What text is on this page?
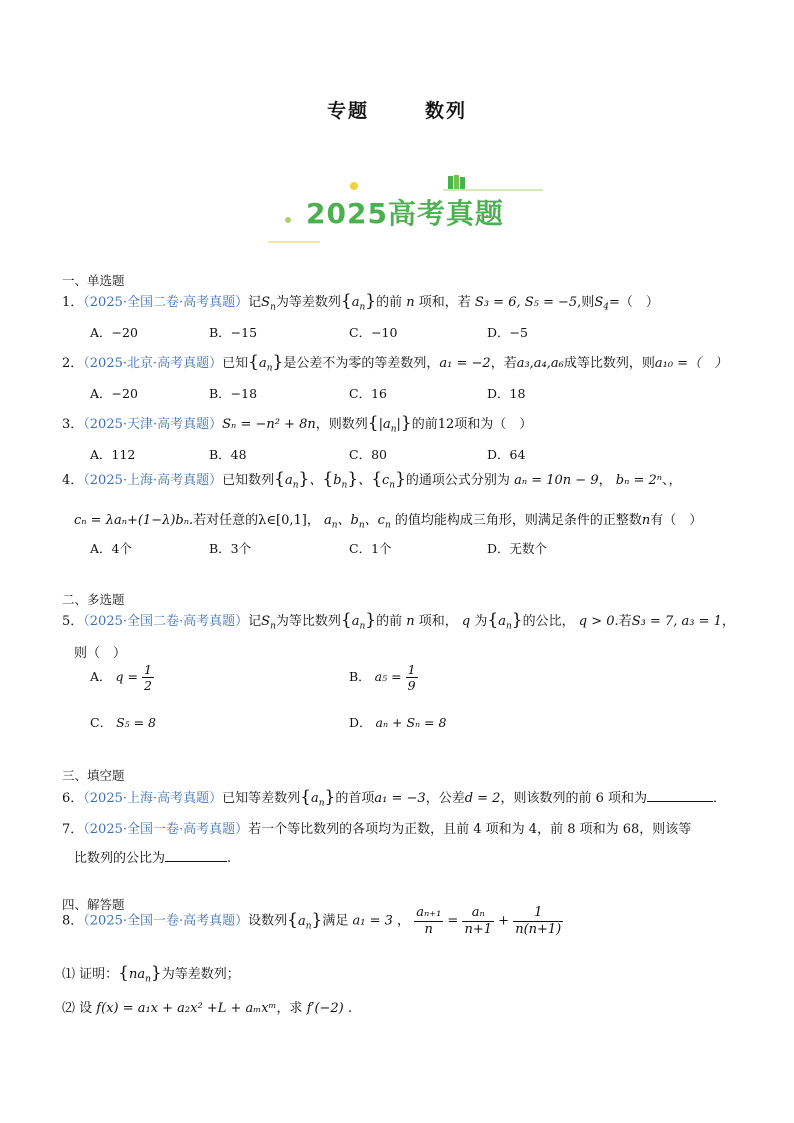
专题	数列
2025高考真题
一、单选题
1．（2025·全国二卷·高考真题）记$S_n$为等差数列$\{a_n\}$的前 n 项和，若 S₃ = 6, S₅ = −5,则$S_4=$（　）
A．−20	B．−15	C．−10	D．−5
2．（2025·北京·高考真题）已知$\{a_n\}$是公差不为零的等差数列，a₁ = −2，若a₃,a₄,a₆成等比数列，则a₁₀ =（　）
A．−20	B．−18	C．16	D．18
3．（2025·天津·高考真题）Sₙ = −n² + 8n，则数列$\{|a_n|\}$的前12项和为（　）
A．112	B．48	C．80	D．64
4．（2025·上海·高考真题）已知数列$\{a_n\}$、$\{b_n\}$、$\{c_n\}$的通项公式分别为 aₙ = 10n − 9， bₙ = 2ⁿ、，
cₙ = λaₙ+(1−λ)bₙ.若对任意的λ∈[0,1]， $a_n$、$b_n$、$c_n$ 的值均能构成三角形，则满足条件的正整数n有（　）
A．4个	B．3个	C．1个	D．无数个
二、多选题
5．（2025·全国二卷·高考真题）记$S_n$为等比数列$\{a_n\}$的前 n 项和， q 为$\{a_n\}$的公比， q > 0.若S₃ = 7, a₃ = 1，
则（　）
A． $q = \frac{1}{2}$	B． $a_5 = \frac{1}{9}$
C． S₅ = 8	D． aₙ + Sₙ = 8
三、填空题
6．（2025·上海·高考真题）已知等差数列$\{a_n\}$的首项a₁ = −3，公差d = 2，则该数列的前 6 项和为	．
7．（2025·全国一卷·高考真题）若一个等比数列的各项均为正数，且前 4 项和为 4，前 8 项和为 68，则该等
比数列的公比为	.
四、解答题
8．（2025·全国一卷·高考真题）设数列$\{a_n\}$满足 a₁ = 3 ， $\frac{\text{aₙ₊₁}}{n} = \frac{\text{aₙ}}{n+1} + \frac{1}{n(n+1)}$
⑴ 证明：$\{na_n\}$为等差数列；
⑵ 设 f(x) = a₁x + a₂x² +L + aₘxᵐ，求 f′(−2) .
